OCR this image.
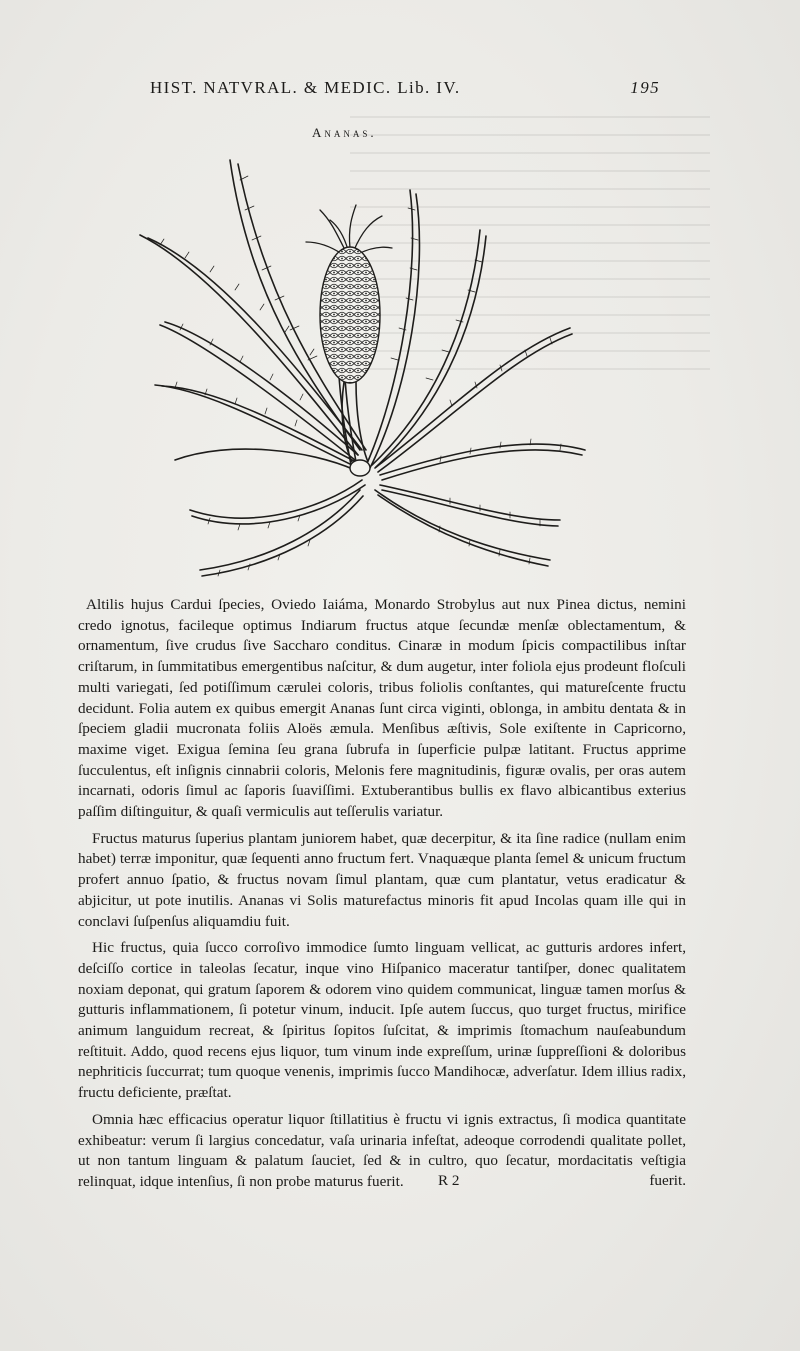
HIST. NATVRAL. & MEDIC. Lib. IV.	195
Ananas.

Altilis hujus Cardui ſpecies, Oviedo Iaiáma, Monardo Strobylus aut nux Pinea dictus, nemini credo ignotus, facileque optimus Indiarum fructus atque ſecundæ menſæ oblectamentum, & ornamentum, ſive crudus ſive Saccharo conditus. Cinaræ in modum ſpicis compactilibus inſtar criſtarum, in ſummitatibus emergentibus naſcitur, & dum augetur, inter foliola ejus prodeunt floſculi multi variegati, ſed potiſſimum cærulei coloris, tribus foliolis conſtantes, qui matureſcente fructu decidunt. Folia autem ex quibus emergit Ananas ſunt circa viginti, oblonga, in ambitu dentata & in ſpeciem gladii mucronata foliis Aloës æmula. Menſibus æſtivis, Sole exiſtente in Capricorno, maxime viget. Exigua ſemina ſeu grana ſubrufa in ſuperficie pulpæ latitant. Fructus apprime ſucculentus, eſt inſignis cinnabrii coloris, Melonis fere magnitudinis, figuræ ovalis, per oras autem incarnati, odoris ſimul ac ſaporis ſuaviſſimi. Extuberantibus bullis ex flavo albicantibus exterius paſſim diſtinguitur, & quaſi vermiculis aut teſſerulis variatur.

Fructus maturus ſuperius plantam juniorem habet, quæ decerpitur, & ita ſine radice (nullam enim habet) terræ imponitur, quæ ſequenti anno fructum fert. Vnaquæque planta ſemel & unicum fructum profert annuo ſpatio, & fructus novam ſimul plantam, quæ cum plantatur, vetus eradicatur & abjicitur, ut pote inutilis. Ananas vi Solis maturefactus minoris fit apud Incolas quam ille qui in conclavi ſuſpenſus aliquamdiu fuit.

Hic fructus, quia ſucco corroſivo immodice ſumto linguam vellicat, ac gutturis ardores infert, deſciſſo cortice in taleolas ſecatur, inque vino Hiſpanico maceratur tantiſper, donec qualitatem noxiam deponat, qui gratum ſaporem & odorem vino quidem communicat, linguæ tamen morſus & gutturis inflammationem, ſi potetur vinum, inducit. Ipſe autem ſuccus, quo turget fructus, mirifice animum languidum recreat, & ſpiritus ſopitos ſuſcitat, & imprimis ſtomachum nauſeabundum reſtituit. Addo, quod recens ejus liquor, tum vinum inde expreſſum, urinæ ſuppreſſioni & doloribus nephriticis ſuccurrat; tum quoque venenis, imprimis ſucco Mandihocæ, adverſatur. Idem illius radix, fructu deficiente, præſtat.

Omnia hæc efficacius operatur liquor ſtillatitius è fructu vi ignis extractus, ſi modica quantitate exhibeatur: verum ſi largius concedatur, vaſa urinaria infeſtat, adeoque corrodendi qualitate pollet, ut non tantum linguam & palatum ſauciet, ſed & in cultro, quo ſecatur, mordacitatis veſtigia relinquat, idque intenſius, ſi non probe maturus fuerit.	R 2	fuerit.
